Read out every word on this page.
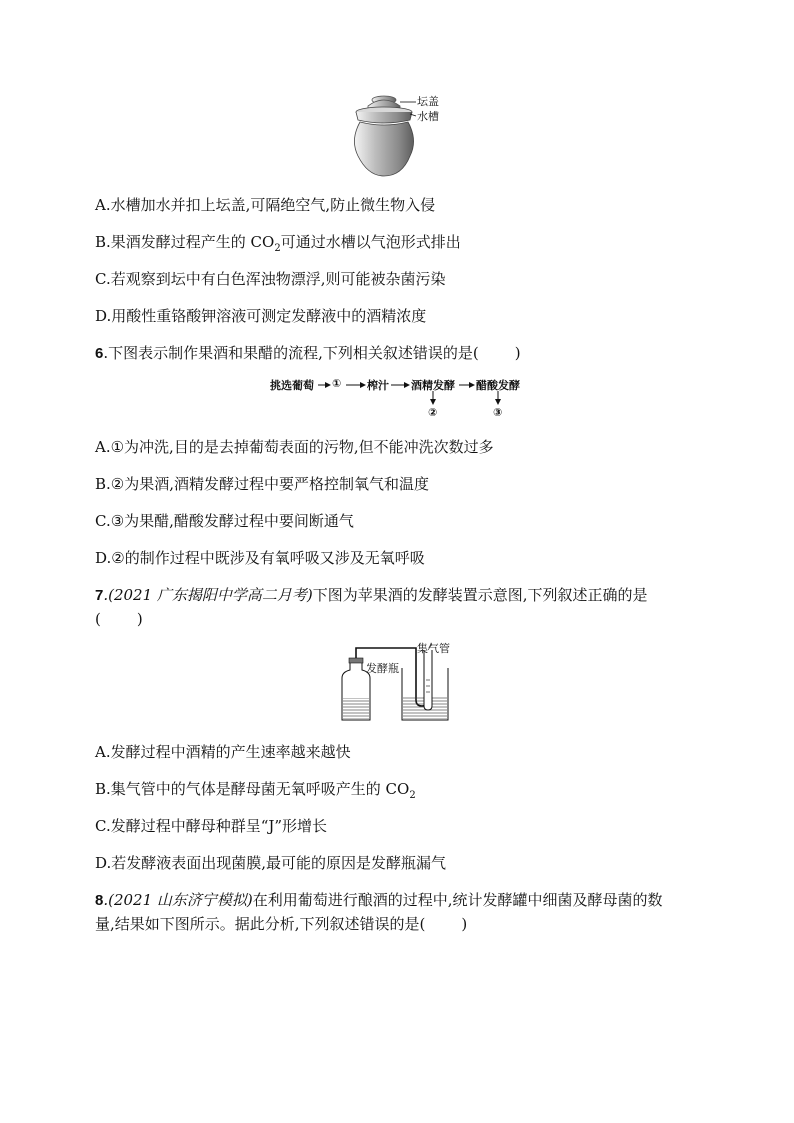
坛盖
水槽
A.水槽加水并扣上坛盖,可隔绝空气,防止微生物入侵
B.果酒发酵过程产生的 $CO_2$可通过水槽以气泡形式排出
C.若观察到坛中有白色浑浊物漂浮,则可能被杂菌污染
D.用酸性重铬酸钾溶液可测定发酵液中的酒精浓度
6.下图表示制作果酒和果醋的流程,下列相关叙述错误的是( )
挑选葡萄 ① 榨汁 酒精发酵 醋酸发酵
②	③
A.①为冲洗,目的是去掉葡萄表面的污物,但不能冲洗次数过多
B.②为果酒,酒精发酵过程中要严格控制氧气和温度
C.③为果醋,醋酸发酵过程中要间断通气
D.②的制作过程中既涉及有氧呼吸又涉及无氧呼吸
7.(2021 广东揭阳中学高二月考)下图为苹果酒的发酵装置示意图,下列叙述正确的是
( )
发酵瓶
集气管
A.发酵过程中酒精的产生速率越来越快
B.集气管中的气体是酵母菌无氧呼吸产生的 $CO_2$
C.发酵过程中酵母种群呈“J”形增长
D.若发酵液表面出现菌膜,最可能的原因是发酵瓶漏气
8.(2021 山东济宁模拟)在利用葡萄进行酿酒的过程中,统计发酵罐中细菌及酵母菌的数
量,结果如下图所示。据此分析,下列叙述错误的是( )
